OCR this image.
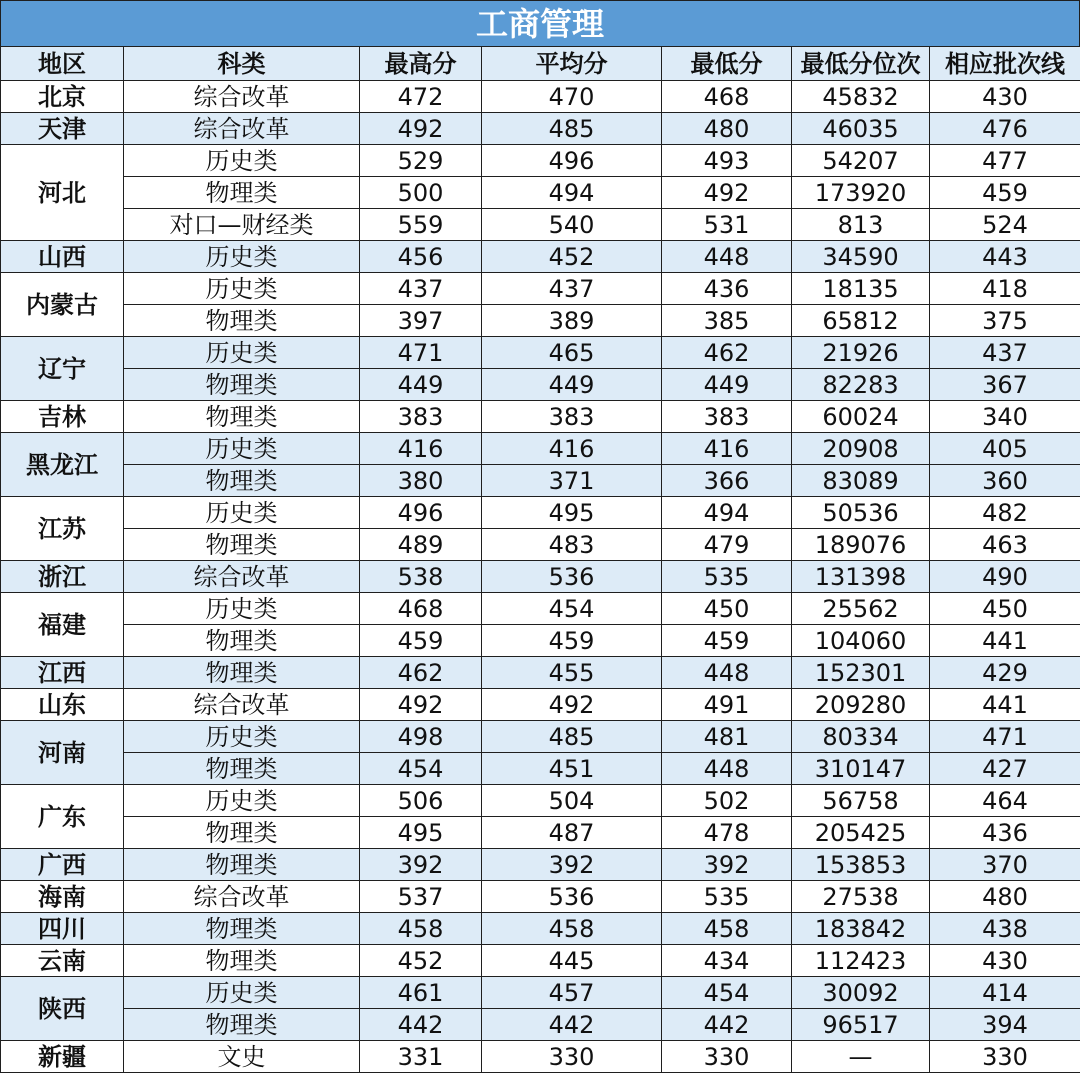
工商管理
地区	科类	最高分	平均分	最低分	最低分位次	相应批次线
北京	综合改革	472	470	468	45832	430
天津	综合改革	492	485	480	46035	476
河北	历史类	529	496	493	54207	477
	物理类	500	494	492	173920	459
	对口—财经类	559	540	531	813	524
山西	历史类	456	452	448	34590	443
内蒙古	历史类	437	437	436	18135	418
	物理类	397	389	385	65812	375
辽宁	历史类	471	465	462	21926	437
	物理类	449	449	449	82283	367
吉林	物理类	383	383	383	60024	340
黑龙江	历史类	416	416	416	20908	405
	物理类	380	371	366	83089	360
江苏	历史类	496	495	494	50536	482
	物理类	489	483	479	189076	463
浙江	综合改革	538	536	535	131398	490
福建	历史类	468	454	450	25562	450
	物理类	459	459	459	104060	441
江西	物理类	462	455	448	152301	429
山东	综合改革	492	492	491	209280	441
河南	历史类	498	485	481	80334	471
	物理类	454	451	448	310147	427
广东	历史类	506	504	502	56758	464
	物理类	495	487	478	205425	436
广西	物理类	392	392	392	153853	370
海南	综合改革	537	536	535	27538	480
四川	物理类	458	458	458	183842	438
云南	物理类	452	445	434	112423	430
陕西	历史类	461	457	454	30092	414
	物理类	442	442	442	96517	394
新疆	文史	331	330	330	—	330
